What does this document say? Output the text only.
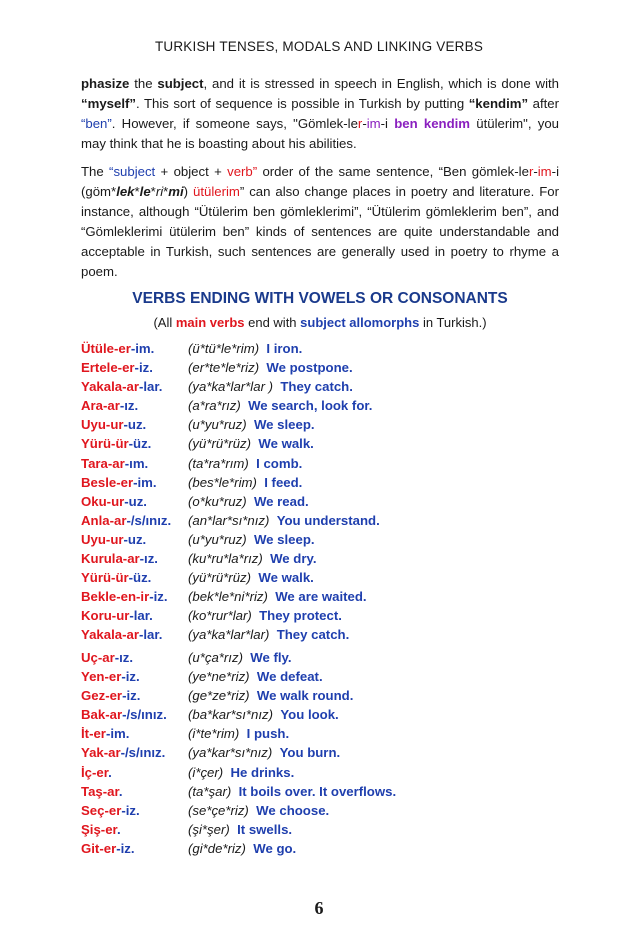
TURKISH TENSES, MODALS AND LINKING VERBS
phasize the subject, and it is stressed in speech in English, which is done with “myself”. This sort of sequence is possible in Turkish by putting “kendim” after “ben”. However, if someone says, "Gömlek-ler-im-i ben kendim ütülerim", you may think that he is boasting about his abilities.
The “subject + object + verb” order of the same sentence, “Ben gömlek-ler-im-i (göm*lek*le*ri*mi) ütülerim” can also change places in poetry and literature. For instance, although “Ütülerim ben gömleklerimi”, “Ütülerim gömleklerim ben”, and “Gömleklerimi ütülerim ben” kinds of sentences are quite understandable and acceptable in Turkish, such sentences are generally used in poetry to rhyme a poem.
VERBS ENDING WITH VOWELS OR CONSONANTS
(All main verbs end with subject allomorphs in Turkish.)
Ütüle-er-im.	(ü*tü*le*rim) I iron.
Ertele-er-iz.	(er*te*le*riz) We postpone.
Yakala-ar-lar. (ya*ka*lar*lar ) They catch.
Ara-ar-ız.	(a*ra*rız) We search, look for.
Uyu-ur-uz.	(u*yu*ruz) We sleep.
Yürü-ür-üz.	(yü*rü*rüz) We walk.
Tara-ar-ım.	(ta*ra*rım) I comb.
Besle-er-im. (bes*le*rim) I feed.
Oku-ur-uz.	(o*ku*ruz) We read.
Anla-ar-/s/ınız. (an*lar*sı*nız) You understand.
Uyu-ur-uz.	(u*yu*ruz) We sleep.
Kurula-ar-ız. (ku*ru*la*rız) We dry.
Yürü-ür-üz.	(yü*rü*rüz) We walk.
Bekle-en-ir-iz. (bek*le*ni*riz) We are waited.
Koru-ur-lar.	(ko*rur*lar) They protect.
Yakala-ar-lar. (ya*ka*lar*lar) They catch.
Uç-ar-ız.	(u*ça*rız) We fly.
Yen-er-iz.	(ye*ne*riz) We defeat.
Gez-er-iz.	(ge*ze*riz) We walk round.
Bak-ar-/s/ınız. (ba*kar*sı*nız) You look.
İt-er-im.	(i*te*rim) I push.
Yak-ar-/s/ınız. (ya*kar*sı*nız) You burn.
İç-er.	(i*çer) He drinks.
Taş-ar.	(ta*şar) It boils over. It overflows.
Seç-er-iz.	(se*çe*riz) We choose.
Şiş-er.	(şi*şer) It swells.
Git-er-iz.	(gi*de*riz) We go.
6
